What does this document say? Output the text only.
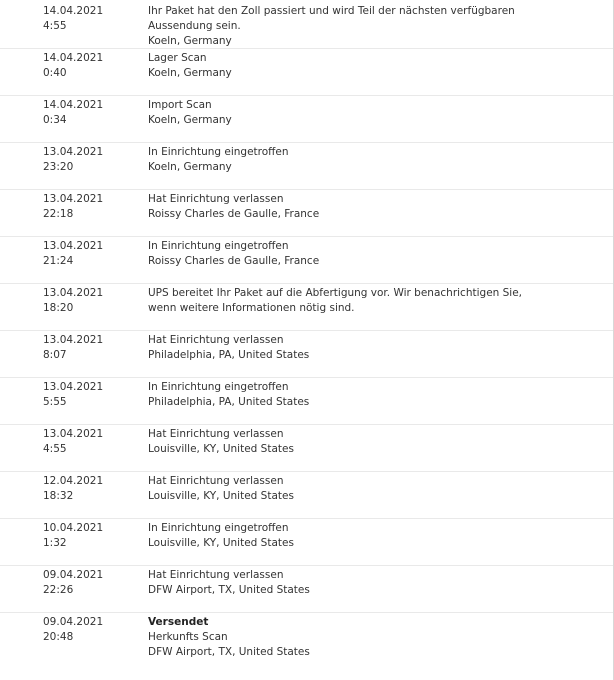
14.04.2021
4:55
Ihr Paket hat den Zoll passiert und wird Teil der nächsten verfügbaren Aussendung sein.
Koeln, Germany
14.04.2021
0:40
Lager Scan
Koeln, Germany
14.04.2021
0:34
Import Scan
Koeln, Germany
13.04.2021
23:20
In Einrichtung eingetroffen
Koeln, Germany
13.04.2021
22:18
Hat Einrichtung verlassen
Roissy Charles de Gaulle, France
13.04.2021
21:24
In Einrichtung eingetroffen
Roissy Charles de Gaulle, France
13.04.2021
18:20
UPS bereitet Ihr Paket auf die Abfertigung vor. Wir benachrichtigen Sie, wenn weitere Informationen nötig sind.
13.04.2021
8:07
Hat Einrichtung verlassen
Philadelphia, PA, United States
13.04.2021
5:55
In Einrichtung eingetroffen
Philadelphia, PA, United States
13.04.2021
4:55
Hat Einrichtung verlassen
Louisville, KY, United States
12.04.2021
18:32
Hat Einrichtung verlassen
Louisville, KY, United States
10.04.2021
1:32
In Einrichtung eingetroffen
Louisville, KY, United States
09.04.2021
22:26
Hat Einrichtung verlassen
DFW Airport, TX, United States
09.04.2021
20:48
Versendet
Herkunfts Scan
DFW Airport, TX, United States
